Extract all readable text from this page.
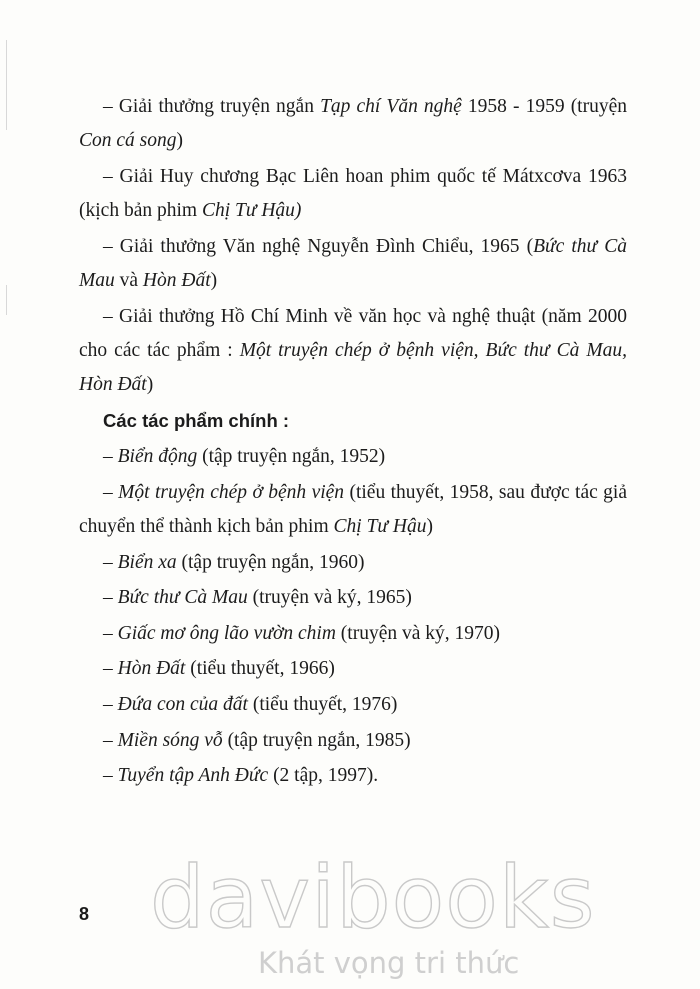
– Giải thưởng truyện ngắn Tạp chí Văn nghệ 1958 - 1959 (truyện Con cá song)

– Giải Huy chương Bạc Liên hoan phim quốc tế Mátxcơva 1963 (kịch bản phim Chị Tư Hậu)

– Giải thưởng Văn nghệ Nguyễn Đình Chiểu, 1965 (Bức thư Cà Mau và Hòn Đất)

– Giải thưởng Hồ Chí Minh về văn học và nghệ thuật (năm 2000 cho các tác phẩm : Một truyện chép ở bệnh viện, Bức thư Cà Mau, Hòn Đất)

Các tác phẩm chính :

– Biển động (tập truyện ngắn, 1952)

– Một truyện chép ở bệnh viện (tiểu thuyết, 1958, sau được tác giả chuyển thể thành kịch bản phim Chị Tư Hậu)

– Biển xa (tập truyện ngắn, 1960)

– Bức thư Cà Mau (truyện và ký, 1965)

– Giấc mơ ông lão vườn chim (truyện và ký, 1970)

– Hòn Đất (tiểu thuyết, 1966)

– Đứa con của đất (tiểu thuyết, 1976)

– Miền sóng vỗ (tập truyện ngắn, 1985)

– Tuyển tập Anh Đức (2 tập, 1997).

8 davibooks
Khát vọng tri thức
